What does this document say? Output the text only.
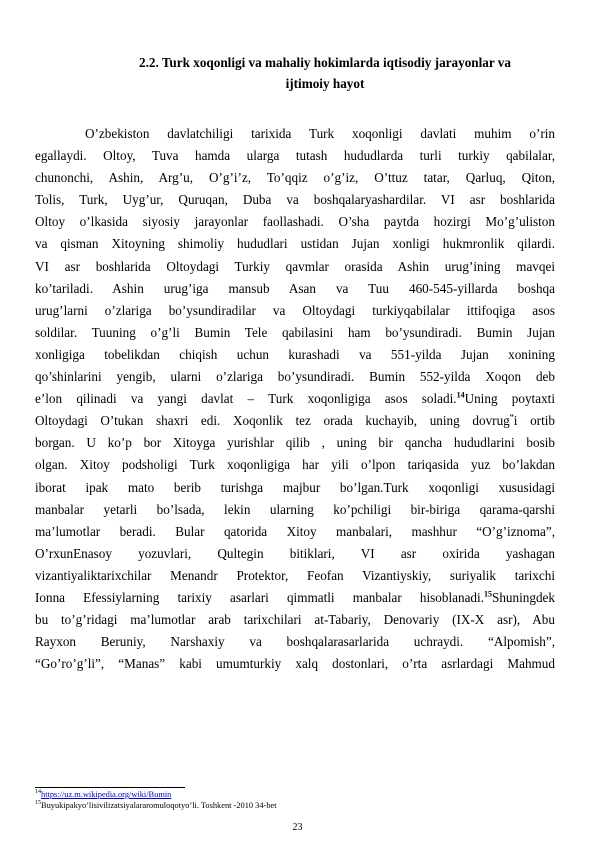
2.2. Turk xoqonligi va mahaliy hokimlarda iqtisodiy jarayonlar va
ijtimoiy hayot
O’zbekiston davlatchiligi tarixida Turk xoqonligi davlati muhim o’rin
egallaydi. Oltoy, Tuva hamda ularga tutash hududlarda turli turkiy qabilalar,
chunonchi, Ashin, Arg’u, O’g’i’z, To’qqiz o’g’iz, O’ttuz tatar, Qarluq, Qiton,
Tolis, Turk, Uyg’ur, Quruqan, Duba va boshqalaryashardilar. VI asr boshlarida
Oltoy o’lkasida siyosiy jarayonlar faollashadi. O’sha paytda hozirgi Mo’g’uliston
va qisman Xitoyning shimoliy hududlari ustidan Jujan xonligi hukmronlik qilardi.
VI asr boshlarida Oltoydagi Turkiy qavmlar orasida Ashin urug’ining mavqei
ko’tariladi. Ashin urug’iga mansub Asan va Tuu 460-545-yillarda boshqa
urug’larni o’zlariga bo’ysundiradilar va Oltoydagi turkiyqabilalar ittifoqiga asos
soldilar. Tuuning o’g’li Bumin Tele qabilasini ham bo’ysundiradi. Bumin Jujan
xonligiga tobelikdan chiqish uchun kurashadi va 551-yilda Jujan xonining
qo’shinlarini yengib, ularni o’zlariga bo’ysundiradi. Bumin 552-yilda Xoqon deb
e’lon qilinadi va yangi davlat – Turk xoqonligiga asos soladi.$^{14}$Uning poytaxti
Oltoydagi O’tukan shaxri edi. Xoqonlik tez orada kuchayib, uning dovrug“i ortib
borgan. U ko’p bor Xitoyga yurishlar qilib , uning bir qancha hududlarini bosib
olgan. Xitoy podsholigi Turk xoqonligiga har yili o’lpon tariqasida yuz bo’lakdan
iborat ipak mato berib turishga majbur bo’lgan.Turk xoqonligi xususidagi
manbalar yetarli bo’lsada, lekin ularning ko’pchiligi bir-biriga qarama-qarshi
ma’lumotlar beradi. Bular qatorida Xitoy manbalari, mashhur “O’g’iznoma”,
O’rxunEnasoy yozuvlari, Qultegin bitiklari, VI asr oxirida yashagan
vizantiyaliktarixchilar Menandr Protektor, Feofan Vizantiyskiy, suriyalik tarixchi
Ionna Efessiylarning tarixiy asarlari qimmatli manbalar hisoblanadi.$^{15}$Shuningdek
bu to’g’ridagi ma’lumotlar arab tarixchilari at-Tabariy, Denovariy (IX-X asr), Abu
Rayxon Beruniy, Narshaxiy va boshqalarasarlarida uchraydi. “Alpomish”,
“Go’ro’g’li”, “Manas” kabi umumturkiy xalq dostonlari, o’rta asrlardagi Mahmud
$^{14}$https://uz.m.wikipedia.org/wiki/Bumin
$^{15}$Buyukipakyo’lisivilizatsiyalararomuloqotyo’li. Toshkent -2010 34-bet
23
